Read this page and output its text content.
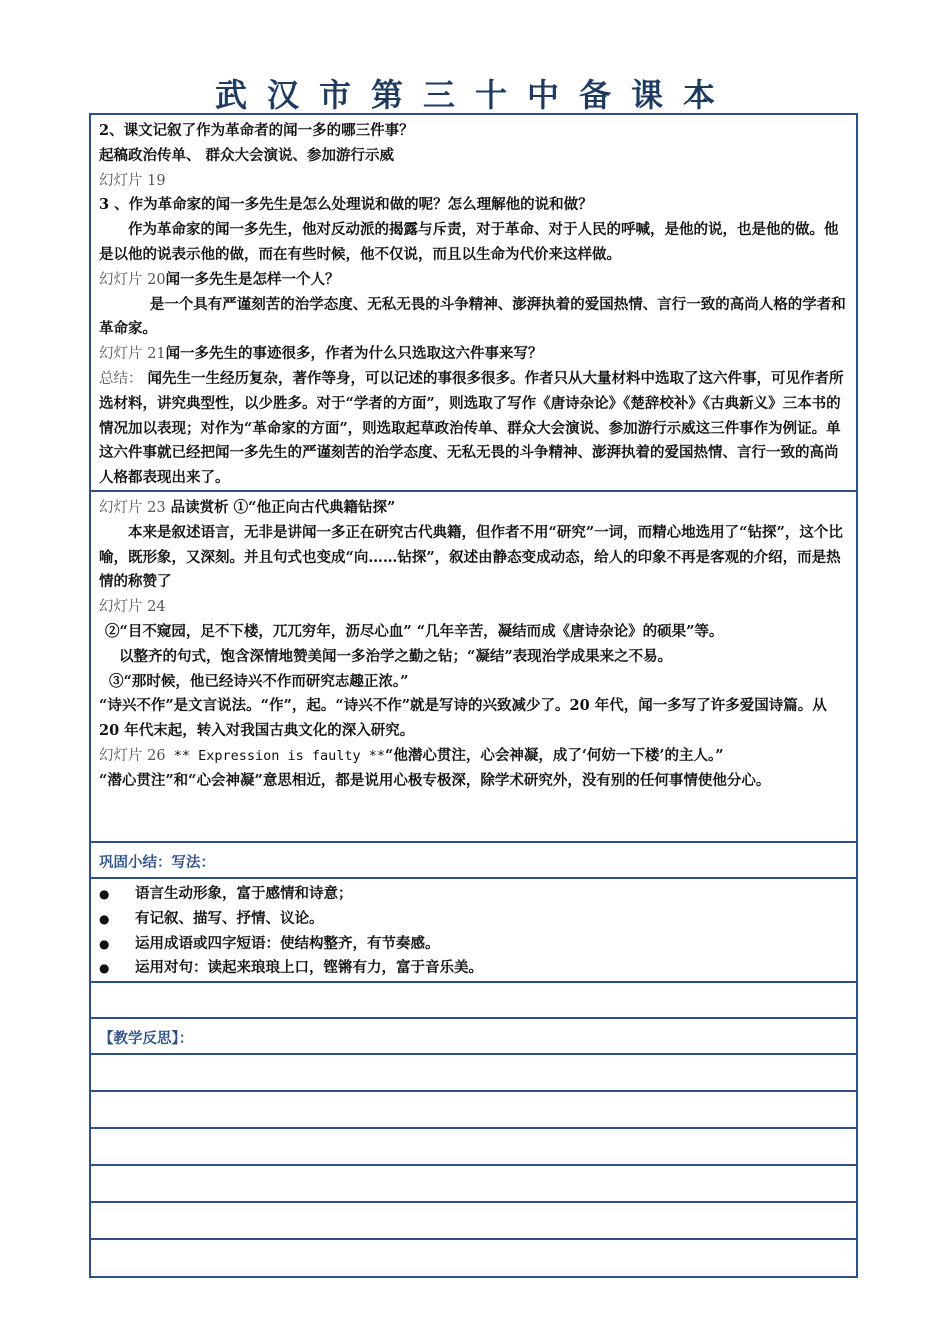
武汉市第三十中备课本

2、课文记叙了作为革命者的闻一多的哪三件事？

起稿政治传单、 群众大会演说、参加游行示威

幻灯片 19

3 、作为革命家的闻一多先生是怎么处理说和做的呢？怎么理解他的说和做？

作为革命家的闻一多先生，他对反动派的揭露与斥责，对于革命、对于人民的呼喊，是他的说，也是他的做。他是以他的说表示他的做，而在有些时候，他不仅说，而且以生命为代价来这样做。

幻灯片 20闻一多先生是怎样一个人？

是一个具有严谨刻苦的治学态度、无私无畏的斗争精神、澎湃执着的爱国热情、言行一致的高尚人格的学者和革命家。

幻灯片 21闻一多先生的事迹很多，作者为什么只选取这六件事来写？

总结： 闻先生一生经历复杂，著作等身，可以记述的事很多很多。作者只从大量材料中选取了这六件事，可见作者所选材料，讲究典型性，以少胜多。对于“学者的方面”，则选取了写作《唐诗杂论》《楚辞校补》《古典新义》三本书的情况加以表现；对作为“革命家的方面”，则选取起草政治传单、群众大会演说、参加游行示威这三件事作为例证。单这六件事就已经把闻一多先生的严谨刻苦的治学态度、无私无畏的斗争精神、澎湃执着的爱国热情、言行一致的高尚人格都表现出来了。

幻灯片 23 品读赏析 ①“他正向古代典籍钻探”

本来是叙述语言，无非是讲闻一多正在研究古代典籍，但作者不用“研究”一词，而精心地选用了“钻探”，这个比喻，既形象，又深刻。并且句式也变成“向……钻探”，叙述由静态变成动态，给人的印象不再是客观的介绍，而是热情的称赞了

幻灯片 24

②“目不窥园，足不下楼，兀兀穷年，沥尽心血” “几年辛苦，凝结而成《唐诗杂论》的硕果”等。

以整齐的句式，饱含深情地赞美闻一多治学之勤之钻；“凝结”表现治学成果来之不易。

③“那时候，他已经诗兴不作而研究志趣正浓。”

“诗兴不作”是文言说法。“作”，起。“诗兴不作”就是写诗的兴致减少了。20 年代，闻一多写了许多爱国诗篇。从 20 年代末起，转入对我国古典文化的深入研究。

幻灯片 26 ** Expression is faulty **“他潜心贯注，心会神凝，成了‘何妨一下楼’的主人。”

“潜心贯注”和“心会神凝”意思相近，都是说用心极专极深，除学术研究外，没有别的任何事情使他分心。

巩固小结：写法：
●
语言生动形象，富于感情和诗意；
●
有记叙、描写、抒情、议论。
●
运用成语或四字短语：使结构整齐，有节奏感。
●
运用对句：读起来琅琅上口，铿锵有力，富于音乐美。
【教学反思】：
